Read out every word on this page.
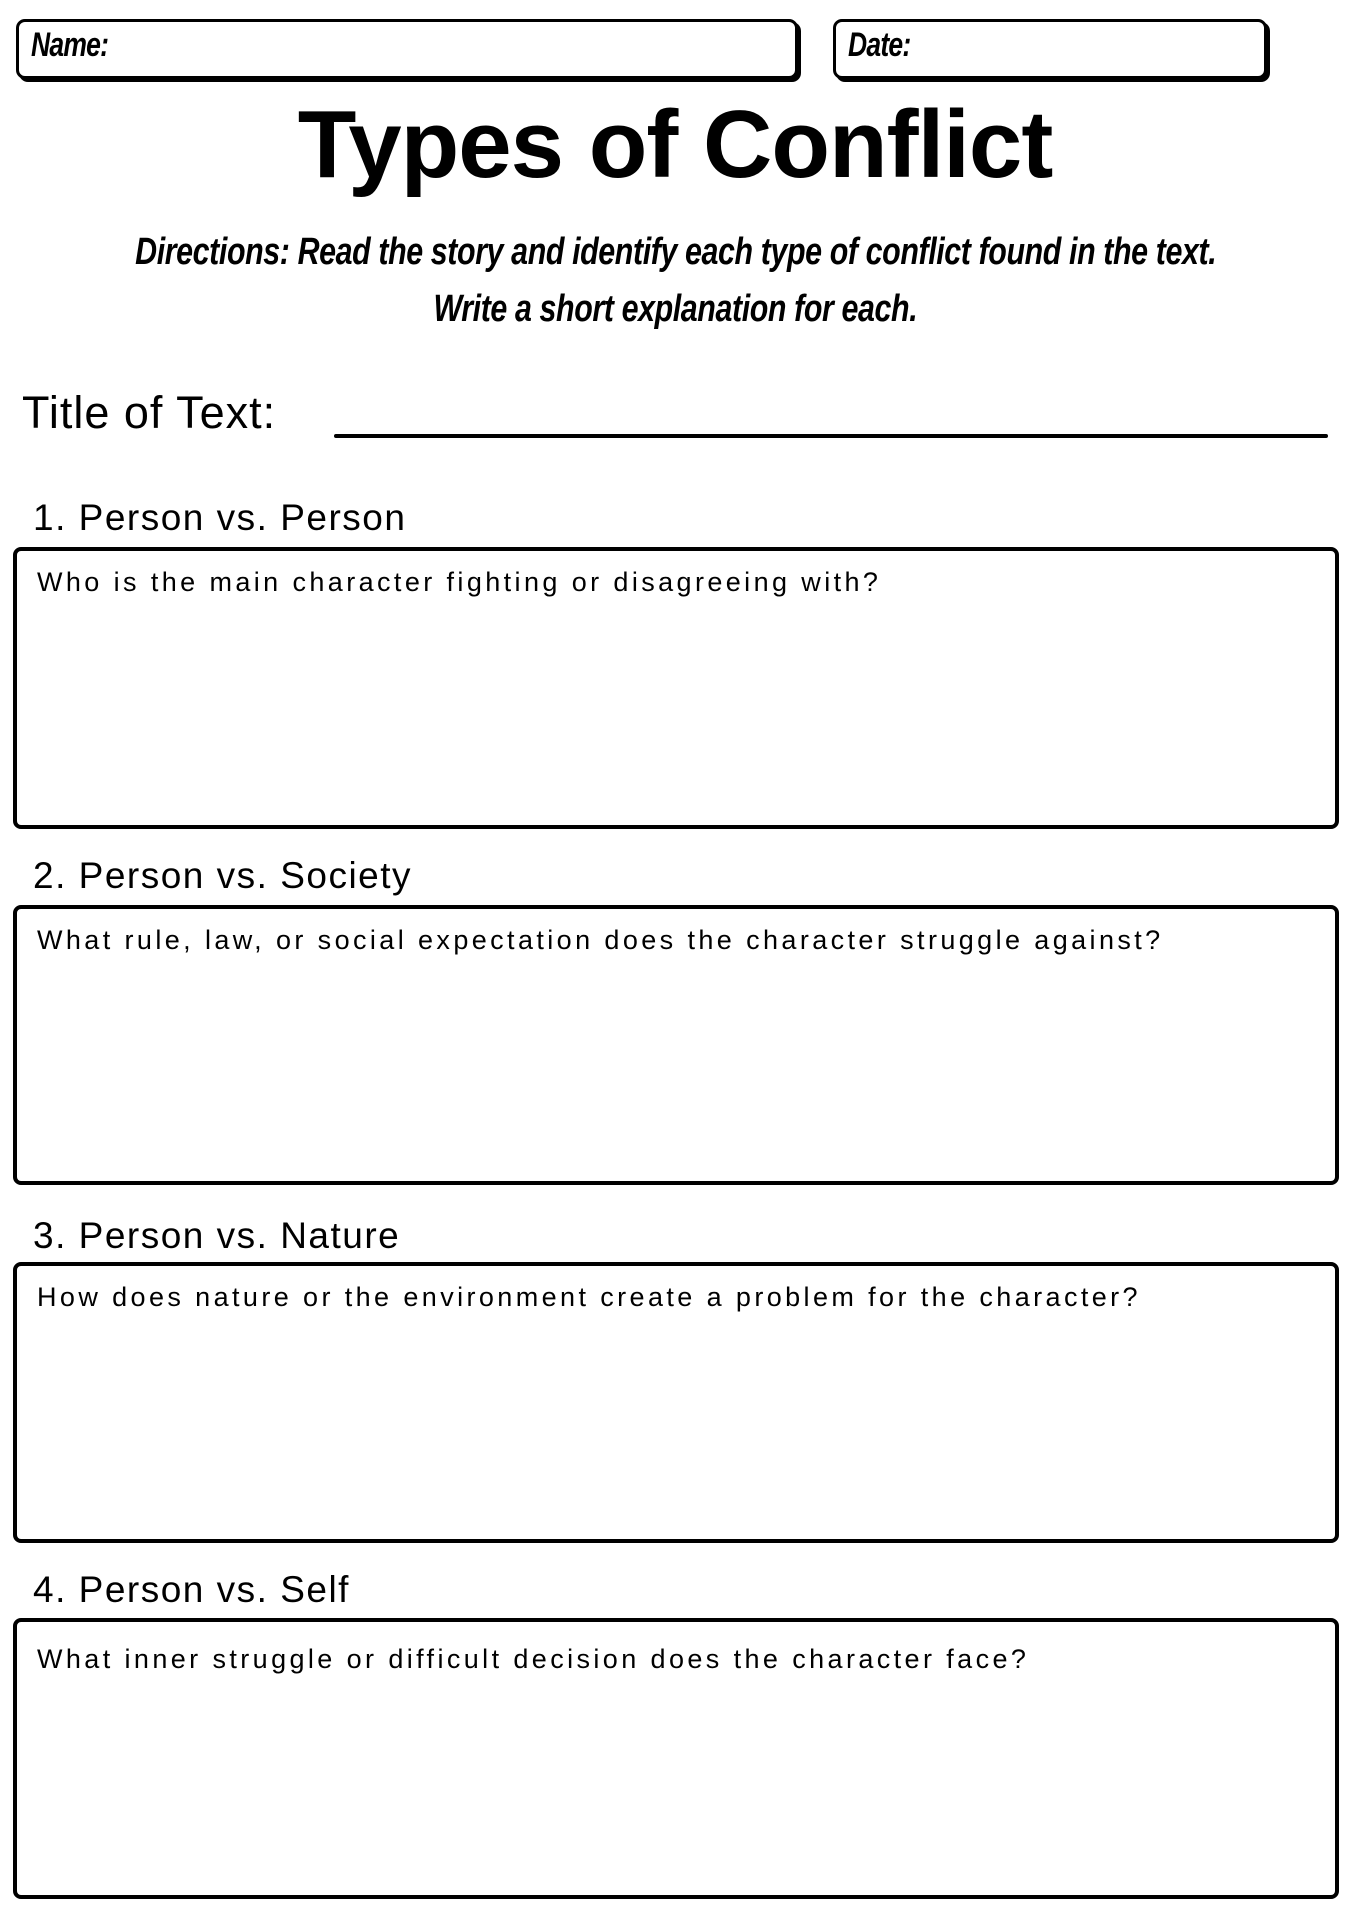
Name:	Date:
Types of Conflict
Directions: Read the story and identify each type of conflict found in the text.
Write a short explanation for each.
Title of Text:
1. Person vs. Person
Who is the main character fighting or disagreeing with?
2. Person vs. Society
What rule, law, or social expectation does the character struggle against?
3. Person vs. Nature
How does nature or the environment create a problem for the character?
4. Person vs. Self
What inner struggle or difficult decision does the character face?
